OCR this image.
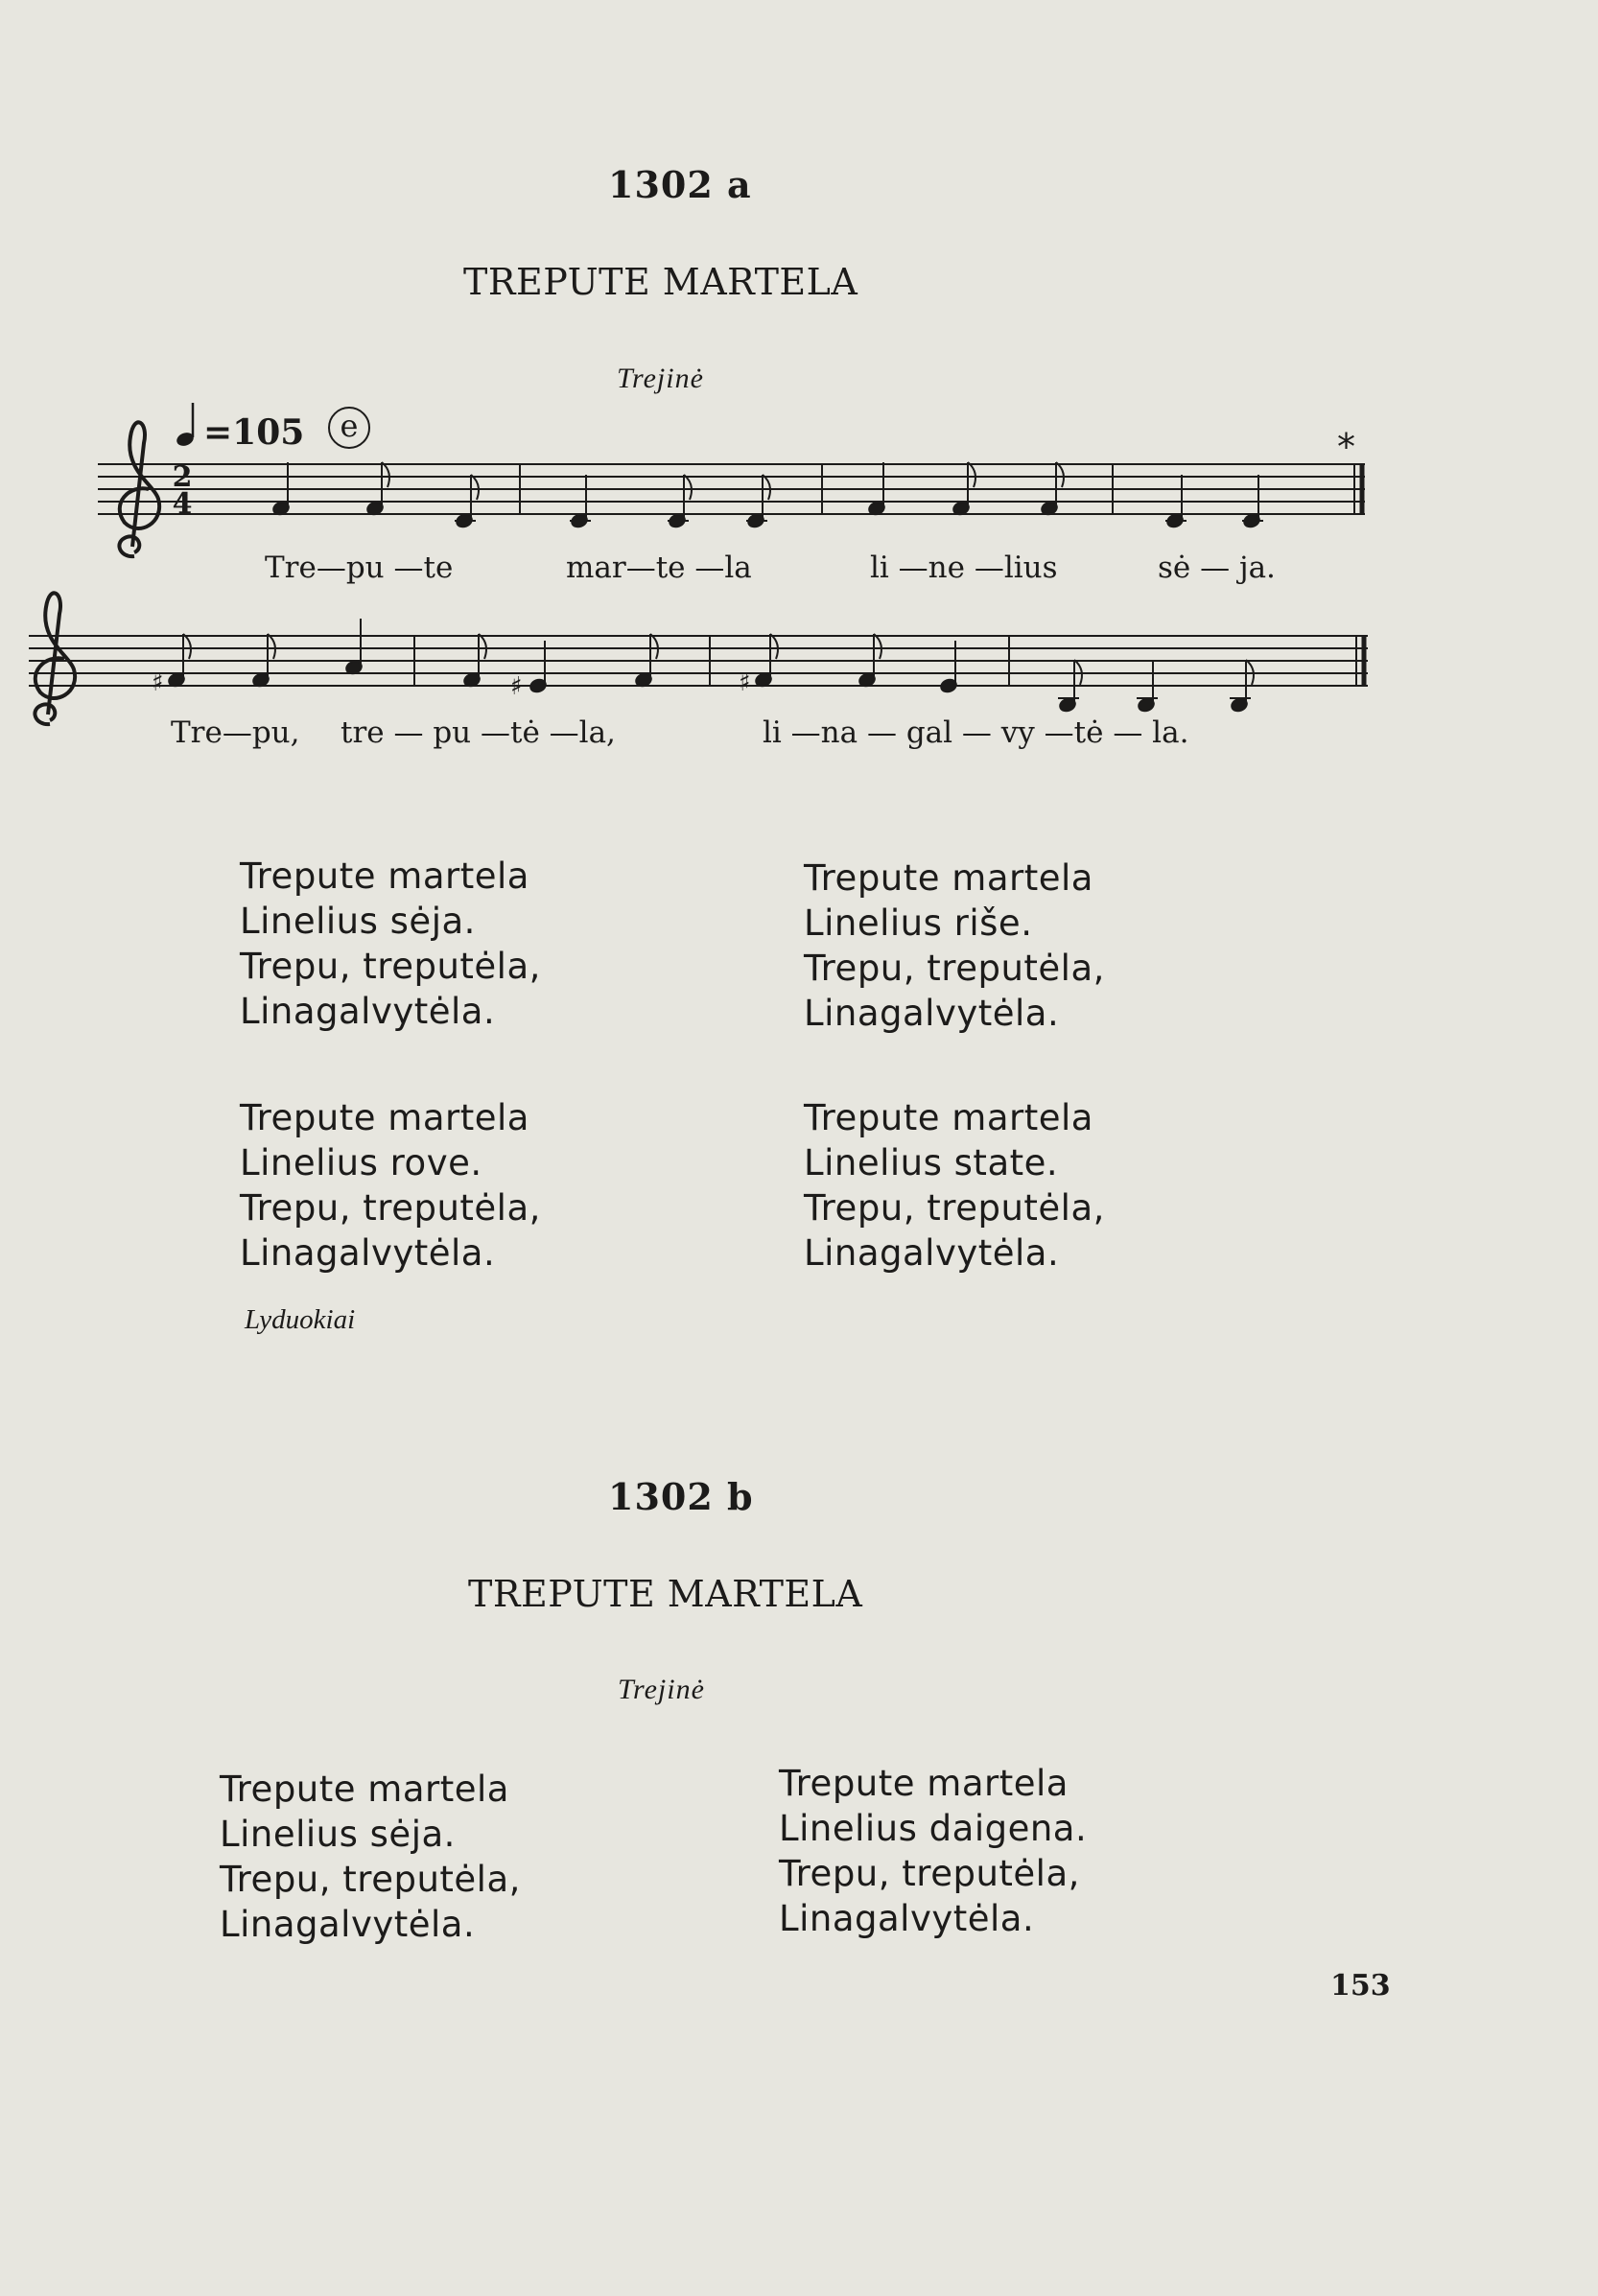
1302 a
TREPUTE MARTELA
Trejinė
=105	e
2
4
*
♯	♯	♯
Tre—pu —te	mar—te —la	li —ne —lius	sė — ja.
Tre—pu, tre — pu —tė —la,	li —na — gal — vy —tė — la.
Trepute martela
Linelius sėja.
Trepu, treputėla,
Linagalvytėla.
Trepute martela
Linelius riše.
Trepu, treputėla,
Linagalvytėla.
Trepute martela
Linelius rove.
Trepu, treputėla,
Linagalvytėla.
Trepute martela
Linelius state.
Trepu, treputėla,
Linagalvytėla.
Lyduokiai
1302 b
TREPUTE MARTELA
Trejinė
Trepute martela
Linelius sėja.
Trepu, treputėla,
Linagalvytėla.
Trepute martela
Linelius daigena.
Trepu, treputėla,
Linagalvytėla.
153
